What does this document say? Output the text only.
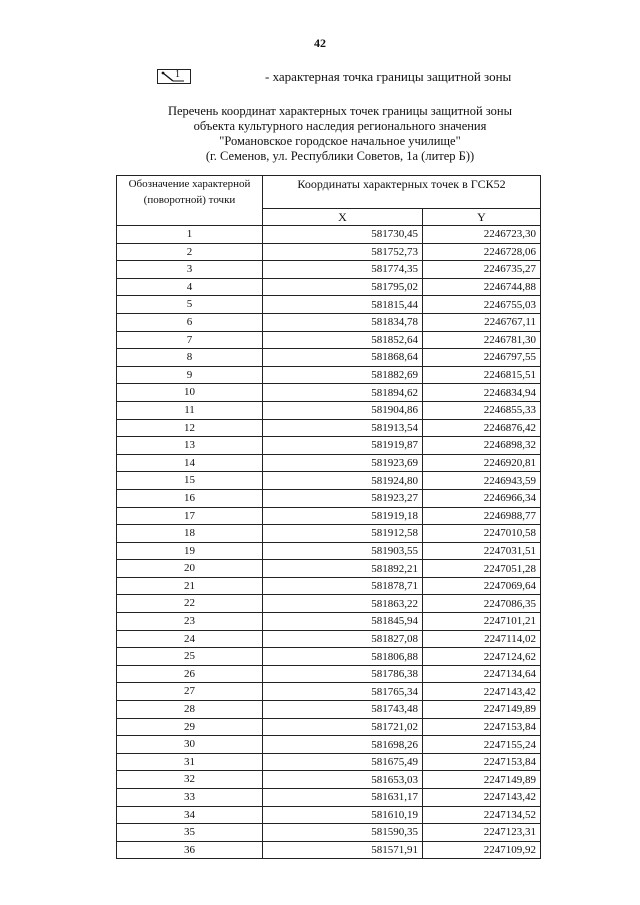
42
1	- характерная точка границы защитной зоны
Перечень координат характерных точек границы защитной зоны
объекта культурного наследия регионального значения
"Романовское городское начальное училище"
(г. Семенов, ул. Республики Советов, 1а (литер Б))
Обозначение характерной (поворотной) точки	Координаты характерных точек в ГСК52	
	X	Y
1	581730,45	2246723,30
2	581752,73	2246728,06
3	581774,35	2246735,27
4	581795,02	2246744,88
5	581815,44	2246755,03
6	581834,78	2246767,11
7	581852,64	2246781,30
8	581868,64	2246797,55
9	581882,69	2246815,51
10	581894,62	2246834,94
11	581904,86	2246855,33
12	581913,54	2246876,42
13	581919,87	2246898,32
14	581923,69	2246920,81
15	581924,80	2246943,59
16	581923,27	2246966,34
17	581919,18	2246988,77
18	581912,58	2247010,58
19	581903,55	2247031,51
20	581892,21	2247051,28
21	581878,71	2247069,64
22	581863,22	2247086,35
23	581845,94	2247101,21
24	581827,08	2247114,02
25	581806,88	2247124,62
26	581786,38	2247134,64
27	581765,34	2247143,42
28	581743,48	2247149,89
29	581721,02	2247153,84
30	581698,26	2247155,24
31	581675,49	2247153,84
32	581653,03	2247149,89
33	581631,17	2247143,42
34	581610,19	2247134,52
35	581590,35	2247123,31
36	581571,91	2247109,92
